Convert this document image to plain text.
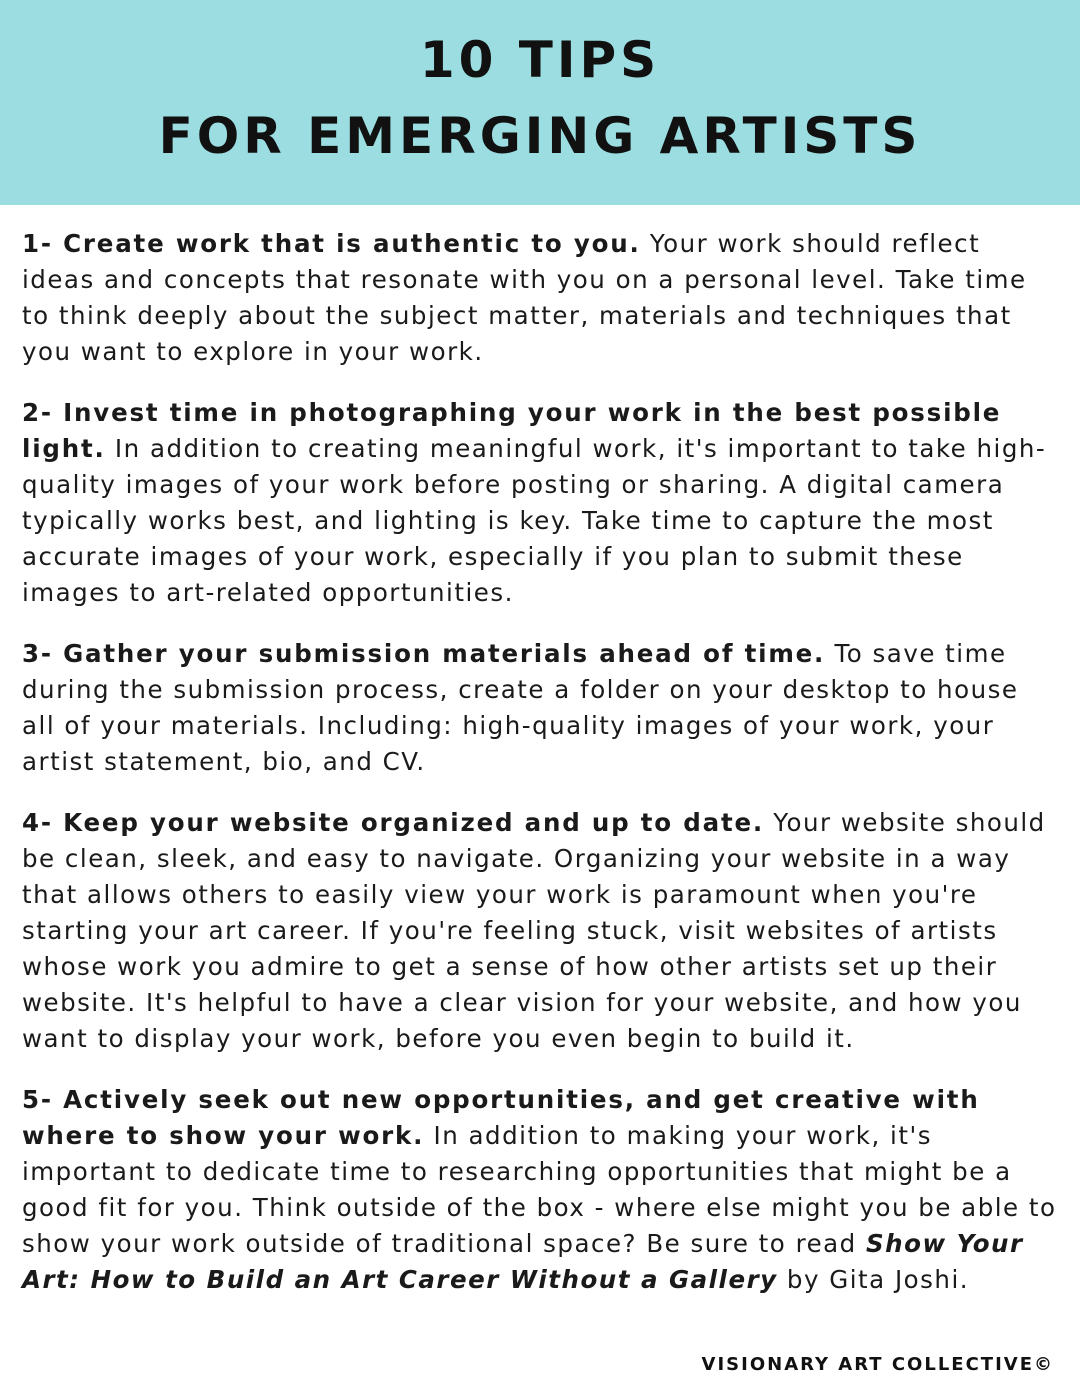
10 TIPS
FOR EMERGING ARTISTS

1- Create work that is authentic to you. Your work should reflect ideas and concepts that resonate with you on a personal level. Take time to think deeply about the subject matter, materials and techniques that you want to explore in your work.

2- Invest time in photographing your work in the best possible light. In addition to creating meaningful work, it's important to take high-quality images of your work before posting or sharing. A digital camera typically works best, and lighting is key. Take time to capture the most accurate images of your work, especially if you plan to submit these images to art-related opportunities.

3- Gather your submission materials ahead of time. To save time during the submission process, create a folder on your desktop to house all of your materials. Including: high-quality images of your work, your artist statement, bio, and CV.

4- Keep your website organized and up to date. Your website should be clean, sleek, and easy to navigate. Organizing your website in a way that allows others to easily view your work is paramount when you're starting your art career. If you're feeling stuck, visit websites of artists whose work you admire to get a sense of how other artists set up their website. It's helpful to have a clear vision for your website, and how you want to display your work, before you even begin to build it.

5- Actively seek out new opportunities, and get creative with where to show your work. In addition to making your work, it's important to dedicate time to researching opportunities that might be a good fit for you. Think outside of the box - where else might you be able to show your work outside of traditional space? Be sure to read Show Your Art: How to Build an Art Career Without a Gallery by Gita Joshi.

VISIONARY ART COLLECTIVE©
